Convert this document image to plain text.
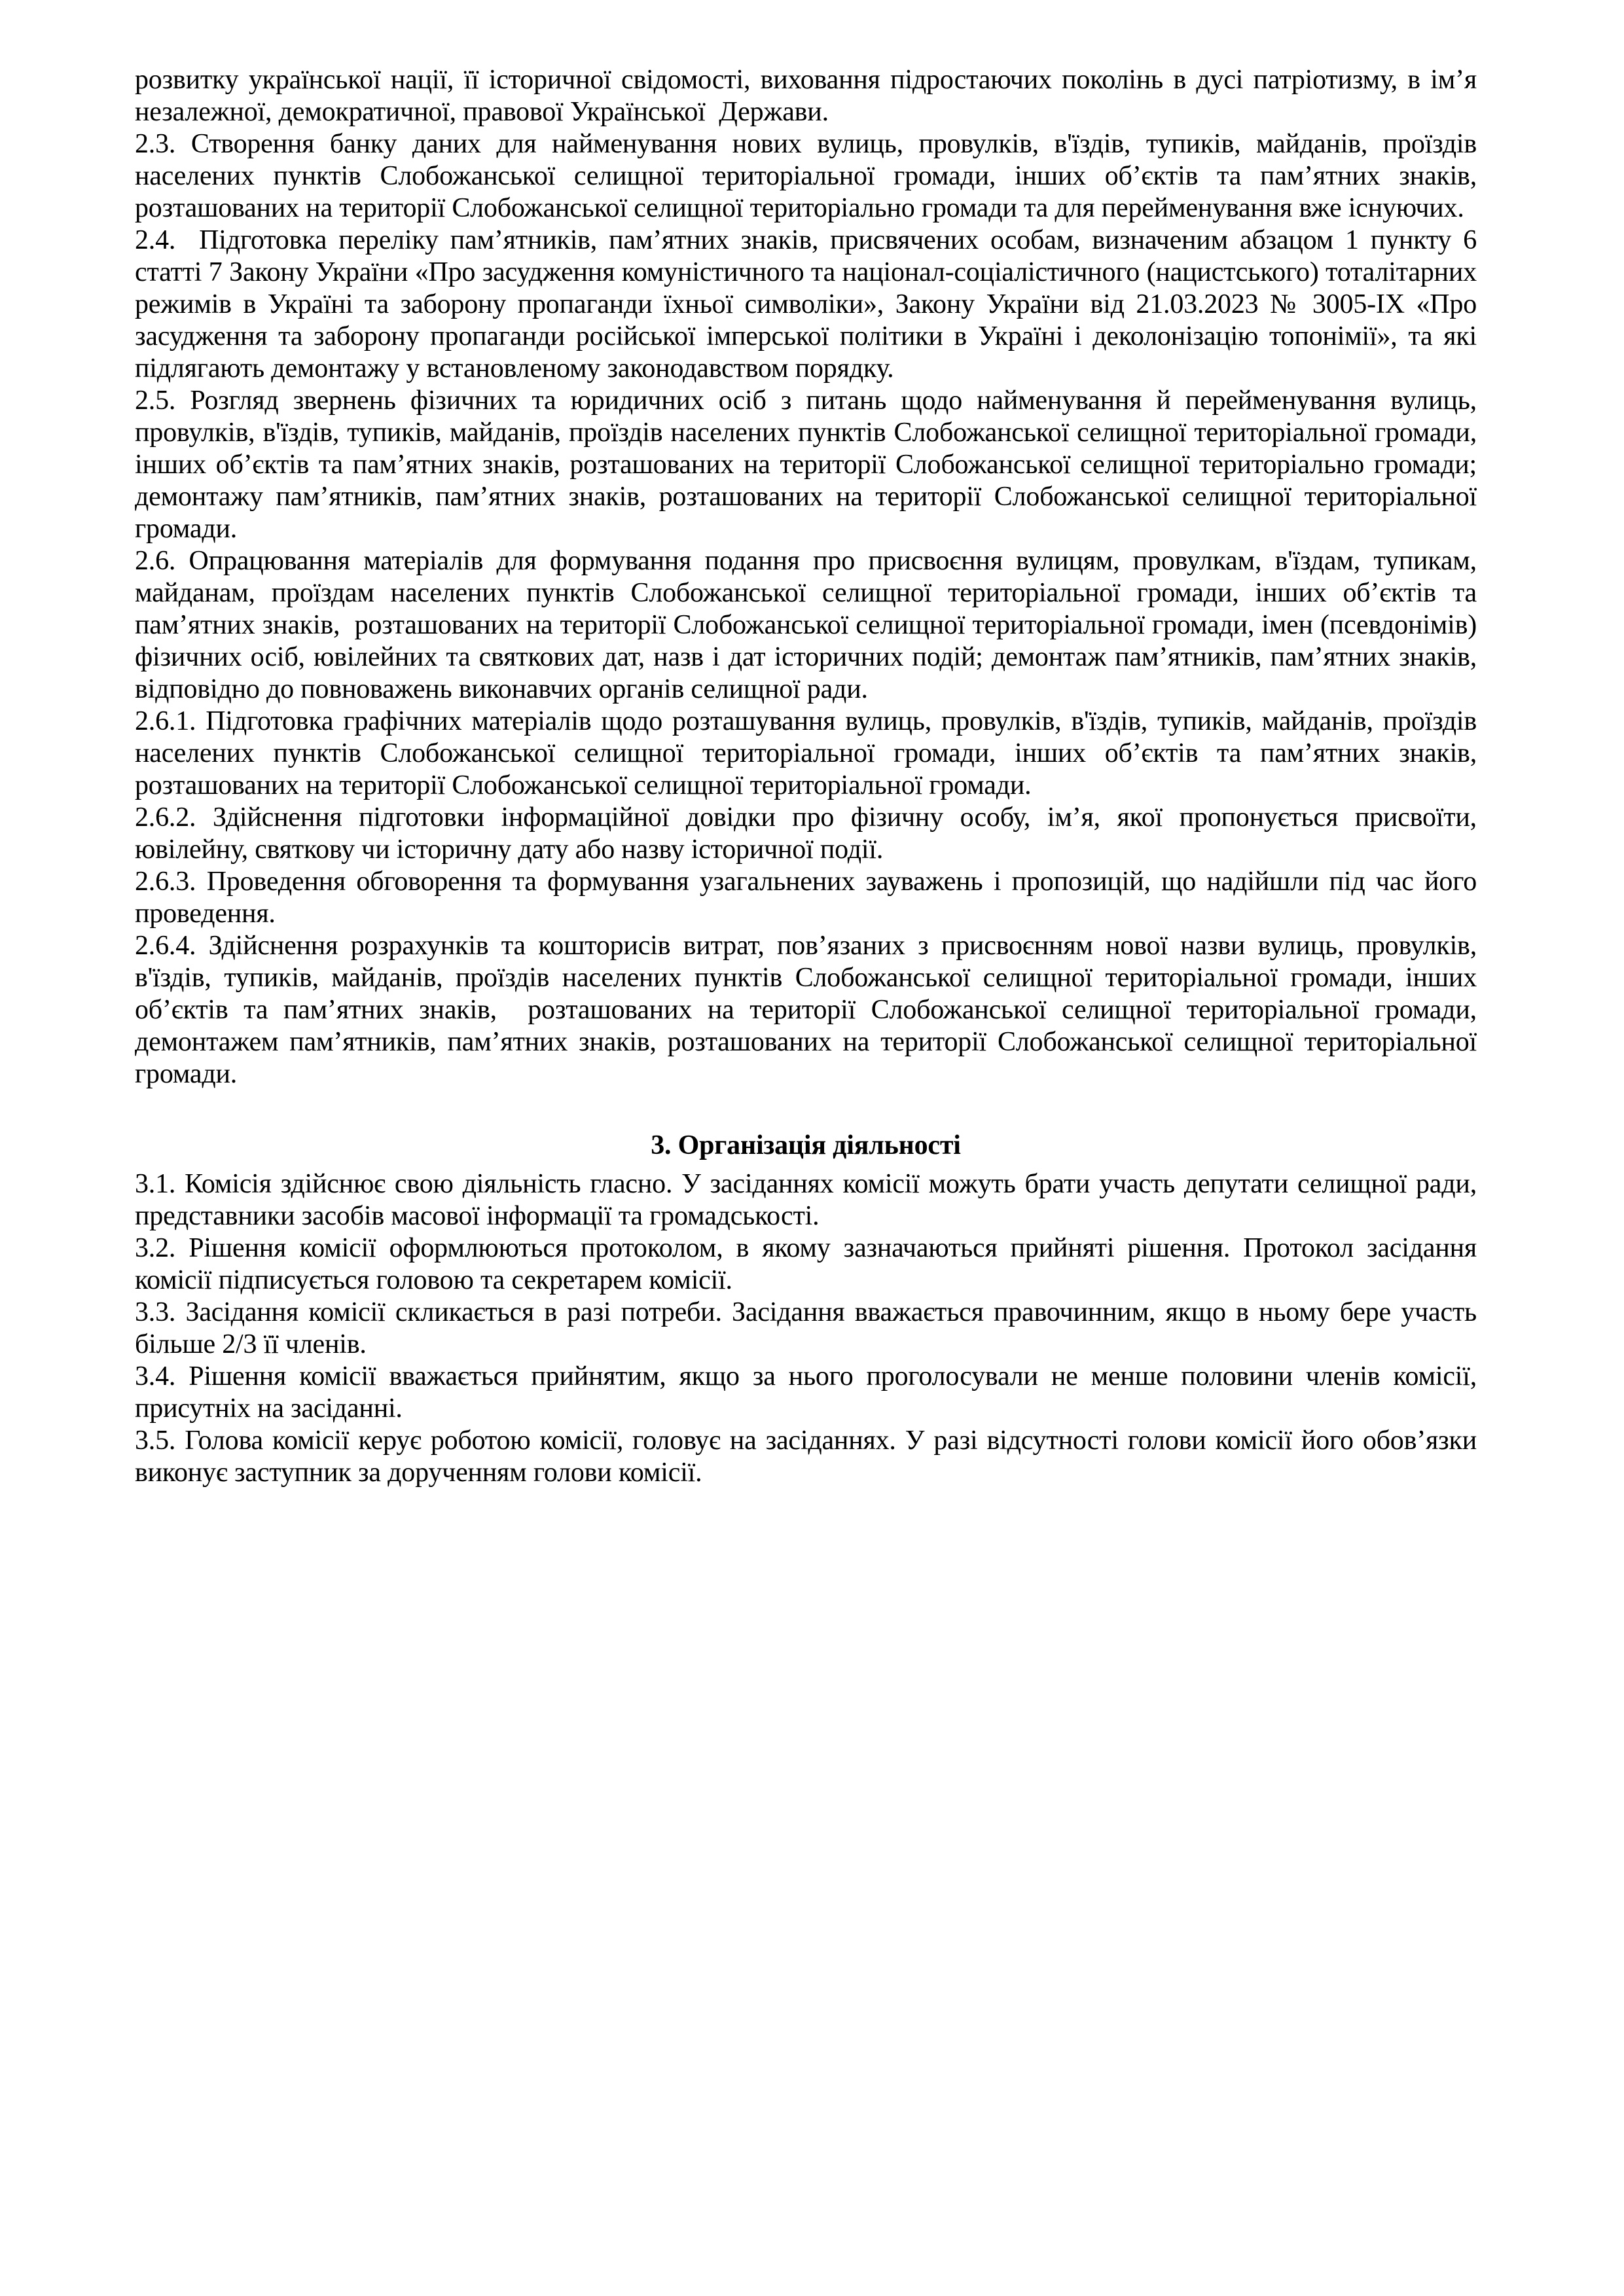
розвитку української нації, її історичної свідомості, виховання підростаючих поколінь в дусі патріотизму, в ім’я незалежної, демократичної, правової Української  Держави.

2.3. Створення банку даних для найменування нових вулиць, провулків, в'їздів, тупиків, майданів, проїздів населених пунктів Слобожанської селищної територіальної громади, інших об’єктів та пам’ятних знаків,  розташованих на території Слобожанської селищної територіально громади та для перейменування вже існуючих.

2.4.  Підготовка переліку пам’ятників, пам’ятних знаків, присвячених особам, визначеним абзацом 1 пункту 6 статті 7 Закону України «Про засудження комуністичного та націонал-соціалістичного (нацистського) тоталітарних режимів в Україні та заборону пропаганди їхньої символіки», Закону України від 21.03.2023 № 3005-IX «Про засудження та заборону пропаганди російської імперської політики в Україні і деколонізацію топонімії», та які підлягають демонтажу у встановленому законодавством порядку.

2.5. Розгляд звернень фізичних та юридичних осіб з питань щодо найменування й перейменування вулиць, провулків, в'їздів, тупиків, майданів, проїздів населених пунктів Слобожанської селищної територіальної громади, інших об’єктів та пам’ятних знаків, розташованих на території Слобожанської селищної територіально громади; демонтажу пам’ятників, пам’ятних знаків, розташованих на території Слобожанської селищної територіальної громади.

2.6. Опрацювання матеріалів для формування подання про присвоєння вулицям, провулкам, в'їздам, тупикам, майданам, проїздам населених пунктів Слобожанської селищної територіальної громади, інших об’єктів та пам’ятних знаків,  розташованих на території Слобожанської селищної територіальної громади, імен (псевдонімів) фізичних осіб, ювілейних та святкових дат, назв і дат історичних подій; демонтаж пам’ятників, пам’ятних знаків, відповідно до повноважень виконавчих органів селищної ради.

2.6.1. Підготовка графічних матеріалів щодо розташування вулиць, провулків, в'їздів, тупиків, майданів, проїздів населених пунктів Слобожанської селищної територіальної громади, інших об’єктів та пам’ятних знаків,  розташованих на території Слобожанської селищної територіальної громади.

2.6.2. Здійснення підготовки інформаційної довідки про фізичну особу, ім’я, якої пропонується присвоїти, ювілейну, святкову чи історичну дату або назву історичної події.

2.6.3. Проведення обговорення та формування узагальнених зауважень і пропозицій, що надійшли під час його проведення.

2.6.4. Здійснення розрахунків та кошторисів витрат, пов’язаних з присвоєнням нової назви вулиць, провулків, в'їздів, тупиків, майданів, проїздів населених пунктів Слобожанської селищної територіальної громади, інших об’єктів та пам’ятних знаків,  розташованих на території Слобожанської селищної територіальної громади, демонтажем пам’ятників, пам’ятних знаків, розташованих на території Слобожанської селищної територіальної громади.

3. Організація діяльності

3.1. Комісія здійснює свою діяльність гласно. У засіданнях комісії можуть брати участь депутати селищної ради, представники засобів масової інформації та громадськості.

3.2. Рішення комісії оформлюються протоколом, в якому зазначаються прийняті рішення. Протокол засідання комісії підписується головою та секретарем комісії.

3.3. Засідання комісії скликається в разі потреби. Засідання вважається правочинним, якщо в ньому бере участь більше 2/3 її членів.

3.4. Рішення комісії вважається прийнятим, якщо за нього проголосували не менше половини членів комісії, присутніх на засіданні.

3.5. Голова комісії керує роботою комісії, головує на засіданнях. У разі відсутності голови комісії його обов’язки виконує заступник за дорученням голови комісії.
